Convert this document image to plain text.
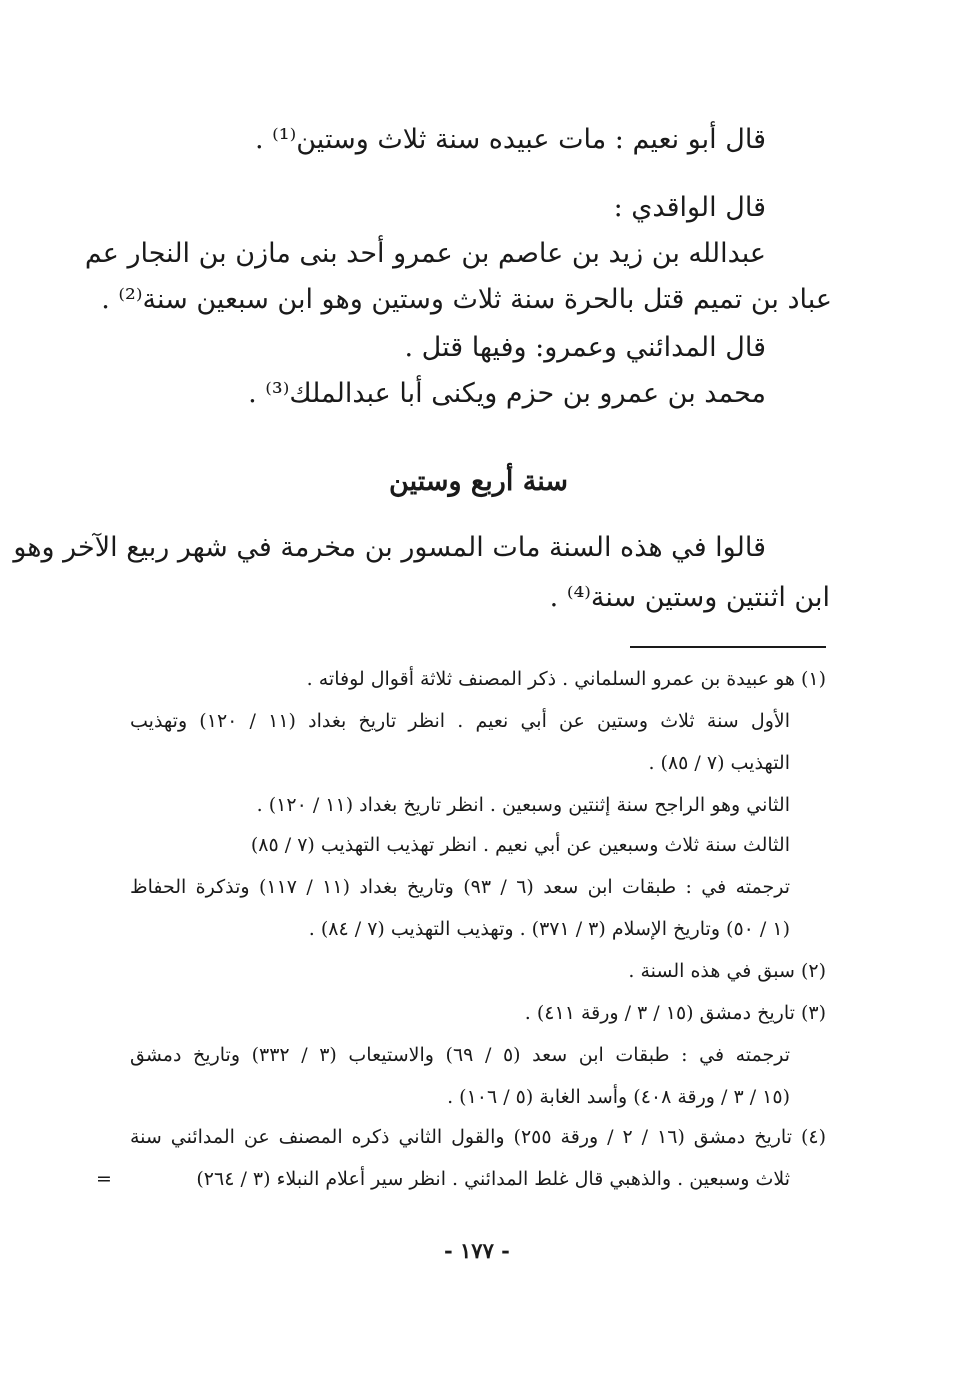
قال أبو نعيم : مات عبيده سنة ثلاث وستين⁽¹⁾ .
قال الواقدي :
عبدالله بن زيد بن عاصم بن عمرو أحد بنى مازن بن النجار عم
عباد بن تميم قتل بالحرة سنة ثلاث وستين وهو ابن سبعين سنة⁽²⁾ .
قال المدائني وعمرو: وفيها قتل .
محمد بن عمرو بن حزم ويكنى أبا عبدالملك⁽³⁾ .
سنة أربع وستين
قالوا في هذه السنة مات المسور بن مخرمة في شهر ربيع الآخر وهو
ابن اثنتين وستين سنة⁽⁴⁾ .
(١) هو عبيدة بن عمرو السلماني . ذكر المصنف ثلاثة أقوال لوفاته .
الأول سنة ثلاث وستين عن أبي نعيم . انظر تاريخ بغداد (١١ / ١٢٠) وتهذيب
التهذيب (٧ / ٨٥) .
الثاني وهو الراجح سنة إثنتين وسبعين . انظر تاريخ بغداد (١١ / ١٢٠) .
الثالث سنة ثلاث وسبعين عن أبي نعيم . انظر تهذيب التهذيب (٧ / ٨٥)
ترجمته في : طبقات ابن سعد (٦ / ٩٣) وتاريخ بغداد (١١ / ١١٧) وتذكرة الحفاظ
(١ / ٥٠) وتاريخ الإسلام (٣ / ٣٧١) . وتهذيب التهذيب (٧ / ٨٤) .
(٢) سبق في هذه السنة .
(٣) تاريخ دمشق (١٥ / ٣ / ورقة ٤١١) .
ترجمته في : طبقات ابن سعد (٥ / ٦٩) والاستيعاب (٣ / ٣٣٢) وتاريخ دمشق
(١٥ / ٣ / ورقة ٤٠٨) وأسد الغابة (٥ / ١٠٦) .
(٤) تاريخ دمشق (١٦ / ٢ / ورقة ٢٥٥) والقول الثاني ذكره المصنف عن المدائني سنة
ثلاث وسبعين . والذهبي قال غلط المدائني . انظر سير أعلام النبلاء (٣ / ٢٦٤)
=
- ١٧٧ -
